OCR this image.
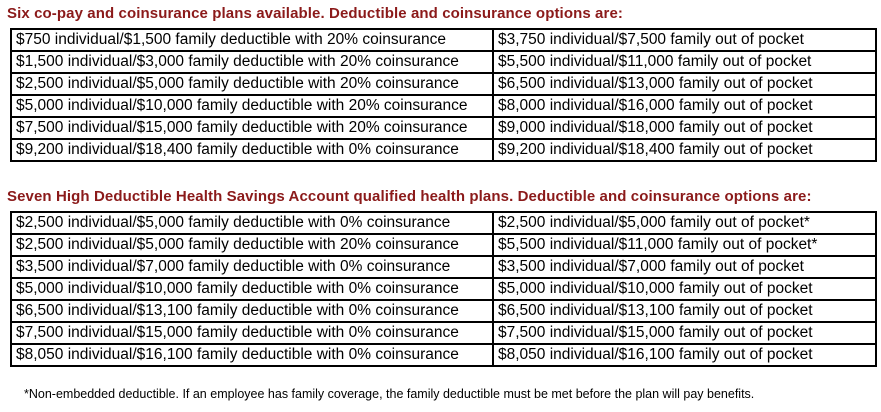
Six co-pay and coinsurance plans available. Deductible and coinsurance options are:
$750 individual/$1,500 family deductible with 20% coinsurance	$3,750 individual/$7,500 family out of pocket
$1,500 individual/$3,000 family deductible with 20% coinsurance	$5,500 individual/$11,000 family out of pocket
$2,500 individual/$5,000 family deductible with 20% coinsurance	$6,500 individual/$13,000 family out of pocket
$5,000 individual/$10,000 family deductible with 20% coinsurance	$8,000 individual/$16,000 family out of pocket
$7,500 individual/$15,000 family deductible with 20% coinsurance	$9,000 individual/$18,000 family out of pocket
$9,200 individual/$18,400 family deductible with 0% coinsurance	$9,200 individual/$18,400 family out of pocket
Seven High Deductible Health Savings Account qualified health plans. Deductible and coinsurance options are:
$2,500 individual/$5,000 family deductible with 0% coinsurance	$2,500 individual/$5,000 family out of pocket*
$2,500 individual/$5,000 family deductible with 20% coinsurance	$5,500 individual/$11,000 family out of pocket*
$3,500 individual/$7,000 family deductible with 0% coinsurance	$3,500 individual/$7,000 family out of pocket
$5,000 individual/$10,000 family deductible with 0% coinsurance	$5,000 individual/$10,000 family out of pocket
$6,500 individual/$13,100 family deductible with 0% coinsurance	$6,500 individual/$13,100 family out of pocket
$7,500 individual/$15,000 family deductible with 0% coinsurance	$7,500 individual/$15,000 family out of pocket
$8,050 individual/$16,100 family deductible with 0% coinsurance	$8,050 individual/$16,100 family out of pocket
*Non-embedded deductible. If an employee has family coverage, the family deductible must be met before the plan will pay benefits.
